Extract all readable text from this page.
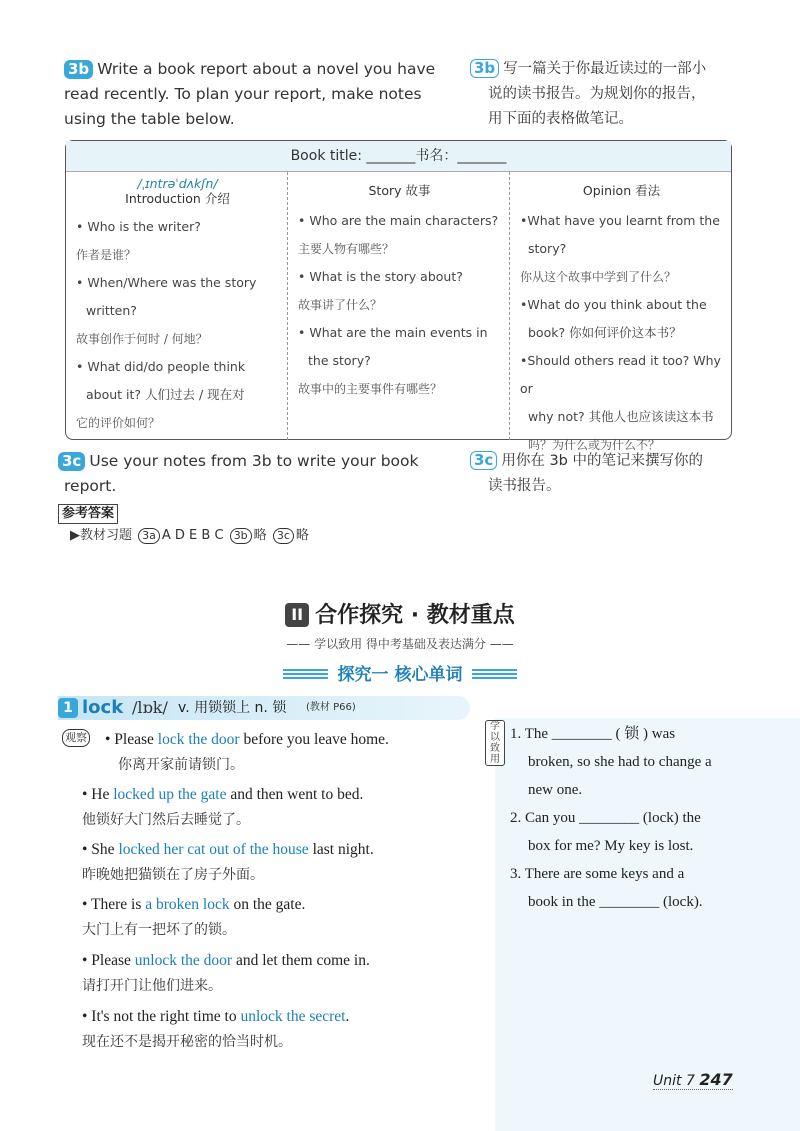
3b Write a book report about a novel you have
read recently. To plan your report, make notes
using the table below.
3b 写一篇关于你最近读过的一部小
说的读书报告。为规划你的报告，
用下面的表格做笔记。
Book title: _______书名：_______
/ˌɪntrəˈdʌkʃn/
Introduction 介绍
• Who is the writer?
作者是谁？
• When/Where was the story
written?
故事创作于何时 / 何地？
• What did/do people think
about it? 人们过去 / 现在对
它的评价如何？
Story 故事
• Who are the main characters?
主要人物有哪些？
• What is the story about?
故事讲了什么？
• What are the main events in
the story?
故事中的主要事件有哪些？
Opinion 看法
•What have you learnt from the
story?
你从这个故事中学到了什么？
•What do you think about the
book? 你如何评价这本书？
•Should others read it too? Why or
why not? 其他人也应该读这本书
吗？为什么或为什么不？
3c Use your notes from 3b to write your book
report.
3c 用你在 3b 中的笔记来撰写你的
读书报告。
参考答案
▶教材习题 3a A D E B C 3b 略 3c 略
II 合作探究 · 教材重点
—— 学以致用 得中考基础及表达满分 ——
探究一 核心单词
1 lock /lɒk/ v. 用锁锁上 n. 锁 (教材 P66)
观察 • Please lock the door before you leave home.
你离开家前请锁门。
• He locked up the gate and then went to bed.
他锁好大门然后去睡觉了。
• She locked her cat out of the house last night.
昨晚她把猫锁在了房子外面。
• There is a broken lock on the gate.
大门上有一把坏了的锁。
• Please unlock the door and let them come in.
请打开门让他们进来。
• It's not the right time to unlock the secret.
现在还不是揭开秘密的恰当时机。
学以致用
1. The ________ ( 锁 ) was
broken, so she had to change a
new one.
2. Can you ________ (lock) the
box for me? My key is lost.
3. There are some keys and a
book in the ________ (lock).
Unit 7 247
